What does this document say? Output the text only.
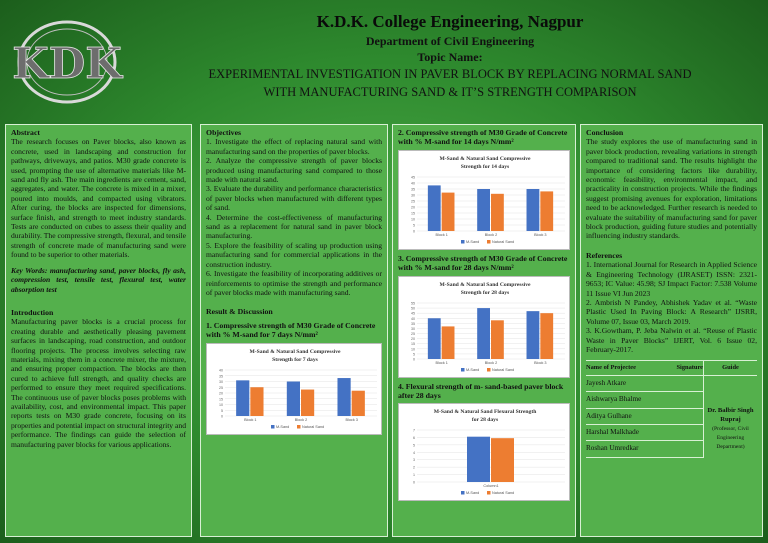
KDK
K.D.K. College Engineering, Nagpur
Department of Civil Engineering
Topic Name:
EXPERIMENTAL INVESTIGATION IN PAVER BLOCK BY REPLACING NORMAL SAND
WITH MANUFACTURING SAND & IT’S STRENGTH COMPARISON
Abstract
The research focuses on Paver blocks, also known as concrete, used in landscaping and construction for pathways, driveways, and patios. M30 grade concrete is used, prompting the use of alternative materials like M-sand and fly ash. The main ingredients are cement, sand, aggregates, and water. The concrete is mixed in a mixer, poured into moulds, and compacted using vibrators. After curing, the blocks are inspected for dimensions, surface finish, and strength to meet industry standards. Tests are conducted on cubes to assess their quality and durability. The compressive strength, flexural, and tensile strength of concrete made of manufacturing sand were found to be superior to other materials.
Key Words: manufacturing sand, paver blocks, fly ash, compression test, tensile test, flexural test, water absorption test
Introduction
Manufacturing paver blocks is a crucial process for creating durable and aesthetically pleasing pavement surfaces in landscaping, road construction, and outdoor flooring projects. The process involves selecting raw materials, mixing them in a concrete mixer, the mixture, and ensuring proper compaction. The blocks are then cured to achieve full strength, and quality checks are performed to ensure they meet required specifications. The continuous use of paver blocks poses problems with availability, cost, and environmental impact. This paper reports tests on M30 grade concrete, focusing on its properties and potential impact on structural integrity and performance. The findings can guide the selection of manufacturing paver blocks for various applications.
Objectives
1. Investigate the effect of replacing natural sand with manufacturing sand on the properties of paver blocks.
2. Analyze the compressive strength of paver blocks produced using manufacturing sand compared to those made with natural sand.
3. Evaluate the durability and performance characteristics of paver blocks when manufactured with different types of sand.
4. Determine the cost-effectiveness of manufacturing sand as a replacement for natural sand in paver block manufacturing.
5. Explore the feasibility of scaling up production using manufacturing sand for commercial applications in the construction industry.
6. Investigate the feasibility of incorporating additives or reinforcements to optimise the strength and performance of paver blocks made with manufacturing sand.
Result & Discussion
1. Compressive strength of M30 Grade of Concrete with % M-sand for 7 days N/mm²
M-Sand & Natural Sand Compressive
Strength for 7 days
0
5
10
15
20
25
30
35
40
Block 1	Block 2	Block 3
M-Sand	Natural Sand
2. Compressive strength of M30 Grade of Concrete with % M-sand for 14 days N/mm²
M-Sand & Natural Sand Compressive
Strength for 14 days
0
5
10
15
20
25
30
35
40
45
Block 1	Block 2	Block 3
M-Sand	Natural Sand
3. Compressive strength of M30 Grade of Concrete with % M-sand for 28 days N/mm²
M-Sand & Natural Sand Compressive
Strength for 28 days
0
5
10
15
20
25
30
35
40
45
50
55
Block 1	Block 2	Block 3
M-Sand	Natural Sand
4. Flexural strength of m- sand-based paver block after 28 days
M-Sand & Natural Sand Flexural Strength
for 28 days
0
1
2
3
4
5
6
7
Column1
M-Sand	Natural Sand
Conclusion
The study explores the use of manufacturing sand in paver block production, revealing variations in strength compared to traditional sand. The results highlight the importance of considering factors like durability, economic feasibility, environmental impact, and practicality in construction projects. While the findings suggest promising avenues for exploration, limitations need to be acknowledged. Further research is needed to evaluate the suitability of manufacturing sand for paver block production, guiding future studies and potentially influencing industry standards.
References
1. International Journal for Research in Applied Science & Engineering Technology (IJRASET) ISSN: 2321-9653; IC Value: 45.98; SJ Impact Factor: 7.538 Volume 11 Issue VI Jun 2023
2. Ambrish N Pandey, Abhishek Yadav et al. “Waste Plastic Used In Paving Block: A Research” IJSRR, Volume 07, Issue 03, March 2019.
3. K.Gowtham, P. Jeba Nalwin et al. “Reuse of Plastic Waste in Paver Blocks” IJERT, Vol. 6 Issue 02, February-2017.
Name of Projectee	Signature
Jayesh Atkare
Aishwarya Bhalme
Aditya Gulhane
Harshal Malkhade
Roshan Umredkar
Guide
Dr. Balbir Singh Rupraj
(Professor, Civil Engineering Department)
